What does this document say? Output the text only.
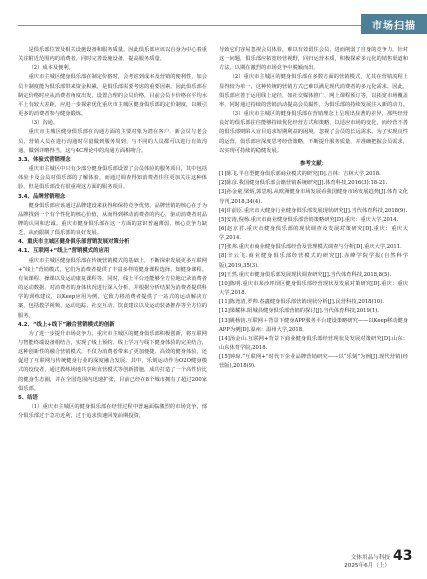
市场扫描

是俱乐部位置及相关设施设备和服务质量。因此俱乐部应该以自身为中心着重关注附近范围内的消费者，同时完善设施设备，提高服务质量。

（2）成本及便利。

重庆市主城区健身俱乐部在制定价格时，会考虑到成本及营销的便利性，如会员卡制度能为俱乐部带来资金积累，是俱乐部需要考虑的重要因素。因此俱乐部在制定价格时应从消费者角度出发，设置合理的会员价格，目前会员卡价格在平均水平上有较大差距，应进一步探索优化重庆市主城区健身俱乐部的定价制度，以吸引更多的消费者参与健身锻炼。

（3）沟通。

重庆市主城区健身俱乐部在沟通方面的主要对象为潜在客户、新会员与老会员，营销人员在进行沟通时尽量做到服务周到，与不同的人员都可以进行有效沟通，做到详略得当，这与4C理论中的沟通方面相吻合。

3.3、体验式营销理念

重庆市主城区中只有少部分健身俱乐部设置了会员体验的服务项目，其中包括体验卡及会员对俱乐部的了解体验，而通过调查得知消费者往往更加关注这种体验，但是俱乐部没有很重视这方面的服务项目。

3.4、品牌营销理念

健身俱乐部应该通过品牌建设来获得和保持竞争优势，品牌营销的核心在于为品牌找到一个有个性化的核心价值，从而得到移动消费者的内心，驱动消费者对品牌的认同和忠诚。重庆市健身俱乐部在这一方面的意识普遍薄弱，核心竞争力缺乏，从而限制了俱乐部的良好发展。

4、重庆市主城区健身俱乐部营销发展对策分析
4.1、互联网+“线上”营销模式的应用

重庆市主城区健身俱乐部在传统营销模式的基础上，不断探索发展更多互联网+“线上”营销模式，它们为消费者提供了丰富多样的健身课程选择、知健身课程、有氧课程、操课以及运动康复课程等，同时，线上平台还能够全方位地记录消费者的运动数据，对消费者的身体状况进行深入分析，并根据分析结果为消费者提供科学的训练建议，以Keep应用为例，它致力将消费者提供了一站式的运动解决方案，包括教学视频、运动追踪、社交互动、饮食建议以及运动装备推荐等全方位的服务。

4.2、“线上+线下”融合营销模式的创新

为了进一步提升市场竞争力，重庆市主城区的健身俱乐部积极创新，将互联网与智能终端设备相结合，实现了线上预约、线上学习与线下健身体验的完美结合，这种创新性的融合营销模式，不仅为消费者带来了更加便捷、高效的健身体验，还促进了互联网与传统健身行业的深度融合发展。其中，乐刻运动作为O2O健身模式的佼佼者，通过教练场地共享和直营模式等创新措施，成功打造了一个高性价比的健身生态圈，并在全国范围内迅速扩张，目前已经在8个城市拥有了超过200家俱乐部。

5、结语

（1）重庆市主城区的健身俱乐部在经营过程中普遍面临激烈的市场竞争，部分俱乐部过于急功近利，过于追求快速回笼前期投资，

导致它们容易忽视会员体验，难以有效留住会员，进而削弱了自身的竞争力。针对这一问题，俱乐部应拓宽经营视野，回归运营本质，积极探索多元化的销售渠道和方法，以期在激烈的市场竞争中脱颖而出。

（2）重庆市主城区的健身俱乐部在多数方面的营销模式，尤其在营销流程上显得较为单一，这种传统的营销方式已难以满足现代消费者的多元化需求。因此，俱乐部应善于运用线上途径，如社交媒体推广、网上课程预订等，以拓宽市场覆盖率，同时通过持续的营销活动提高会员黏性，为俱乐部的持续发展注入新的动力。

（3）重庆市主城区的健身俱乐部在营销理念上呈现出显著的差异，那些经营良好的俱乐部往往能够持续优化经营方式和策略，以适应市场的变化，而经营不善的俱乐部则陷入盲目追求短期利益的困境。忽视了会员的长远需求。为了实现良性的运营，俱乐部应深度思考经营策略，不断提升服务质量，并准确把握会员需求，以实现可持续的稳健发展。

参考文献：

[1]陈飞.半自型健身俱乐部商业模式的研究[D].吉林：吉林大学,2018.

[2]陈彦.我国健身俱乐部会籍营销系统研究[J].体育科技,2016(3):18-21.

[3]孙金童,梁炳,郭思明.从欧洲健身市场发展看我国健身市场发展趋势[J].体育文化导刊,2018,34(4).

[4]许前臣.重庆市大健身行业健身俱乐部发展现状研究[J].当代体育科技,2018(9).

[5]安涛,倪杨.重庆市商业健身俱乐部营销策略研究[D].重庆：重庆大学,2014.

[6]赵京君.重庆市健身俱乐部的现状调查及发展对策研究[D].重庆：重庆大学,2014.

[7]张邦.重庆市商业健身俱乐部经营及管理模式调查与分析[D].重庆大学,2011.

[8]辛云飞.商业健身俱乐部经营模式的研究[J].赤峰学院学报(自然科学版),2019,35(3).

[9]王然.重庆市健身俱乐部发展现状调查研究[J].当代体育科技,2018,8(5).

[10]陈明.重庆市某沙坪坝区健身俱乐部经营现状及发展对策研究[D].重庆：重庆大学,2018.

[11]陈尧清,罗帅.春鑫健身俱乐部营销现状分析[J].民营科技,2018(10).

[12]梁耀林.阳城县健身俱乐部营销的探讨[J].当代体育科技,2019(1).

[13]姚杨钧.互联网＋背景下健身APP服务平台建设策略研究——以Keep移动健身APP为例[D].温州：温州大学,2018.

[14]汤金山.互联网+背景下商业健身俱乐部经营现状及发展对策研究[D].山东：山东体育学院,2018.

[15]钟琼.“互联网+”时代下企业品牌营销研究——以“乐刻”为例[J].现代营销(经营版),2018(9).

文体用品与科技
2025年6月（上）
43
